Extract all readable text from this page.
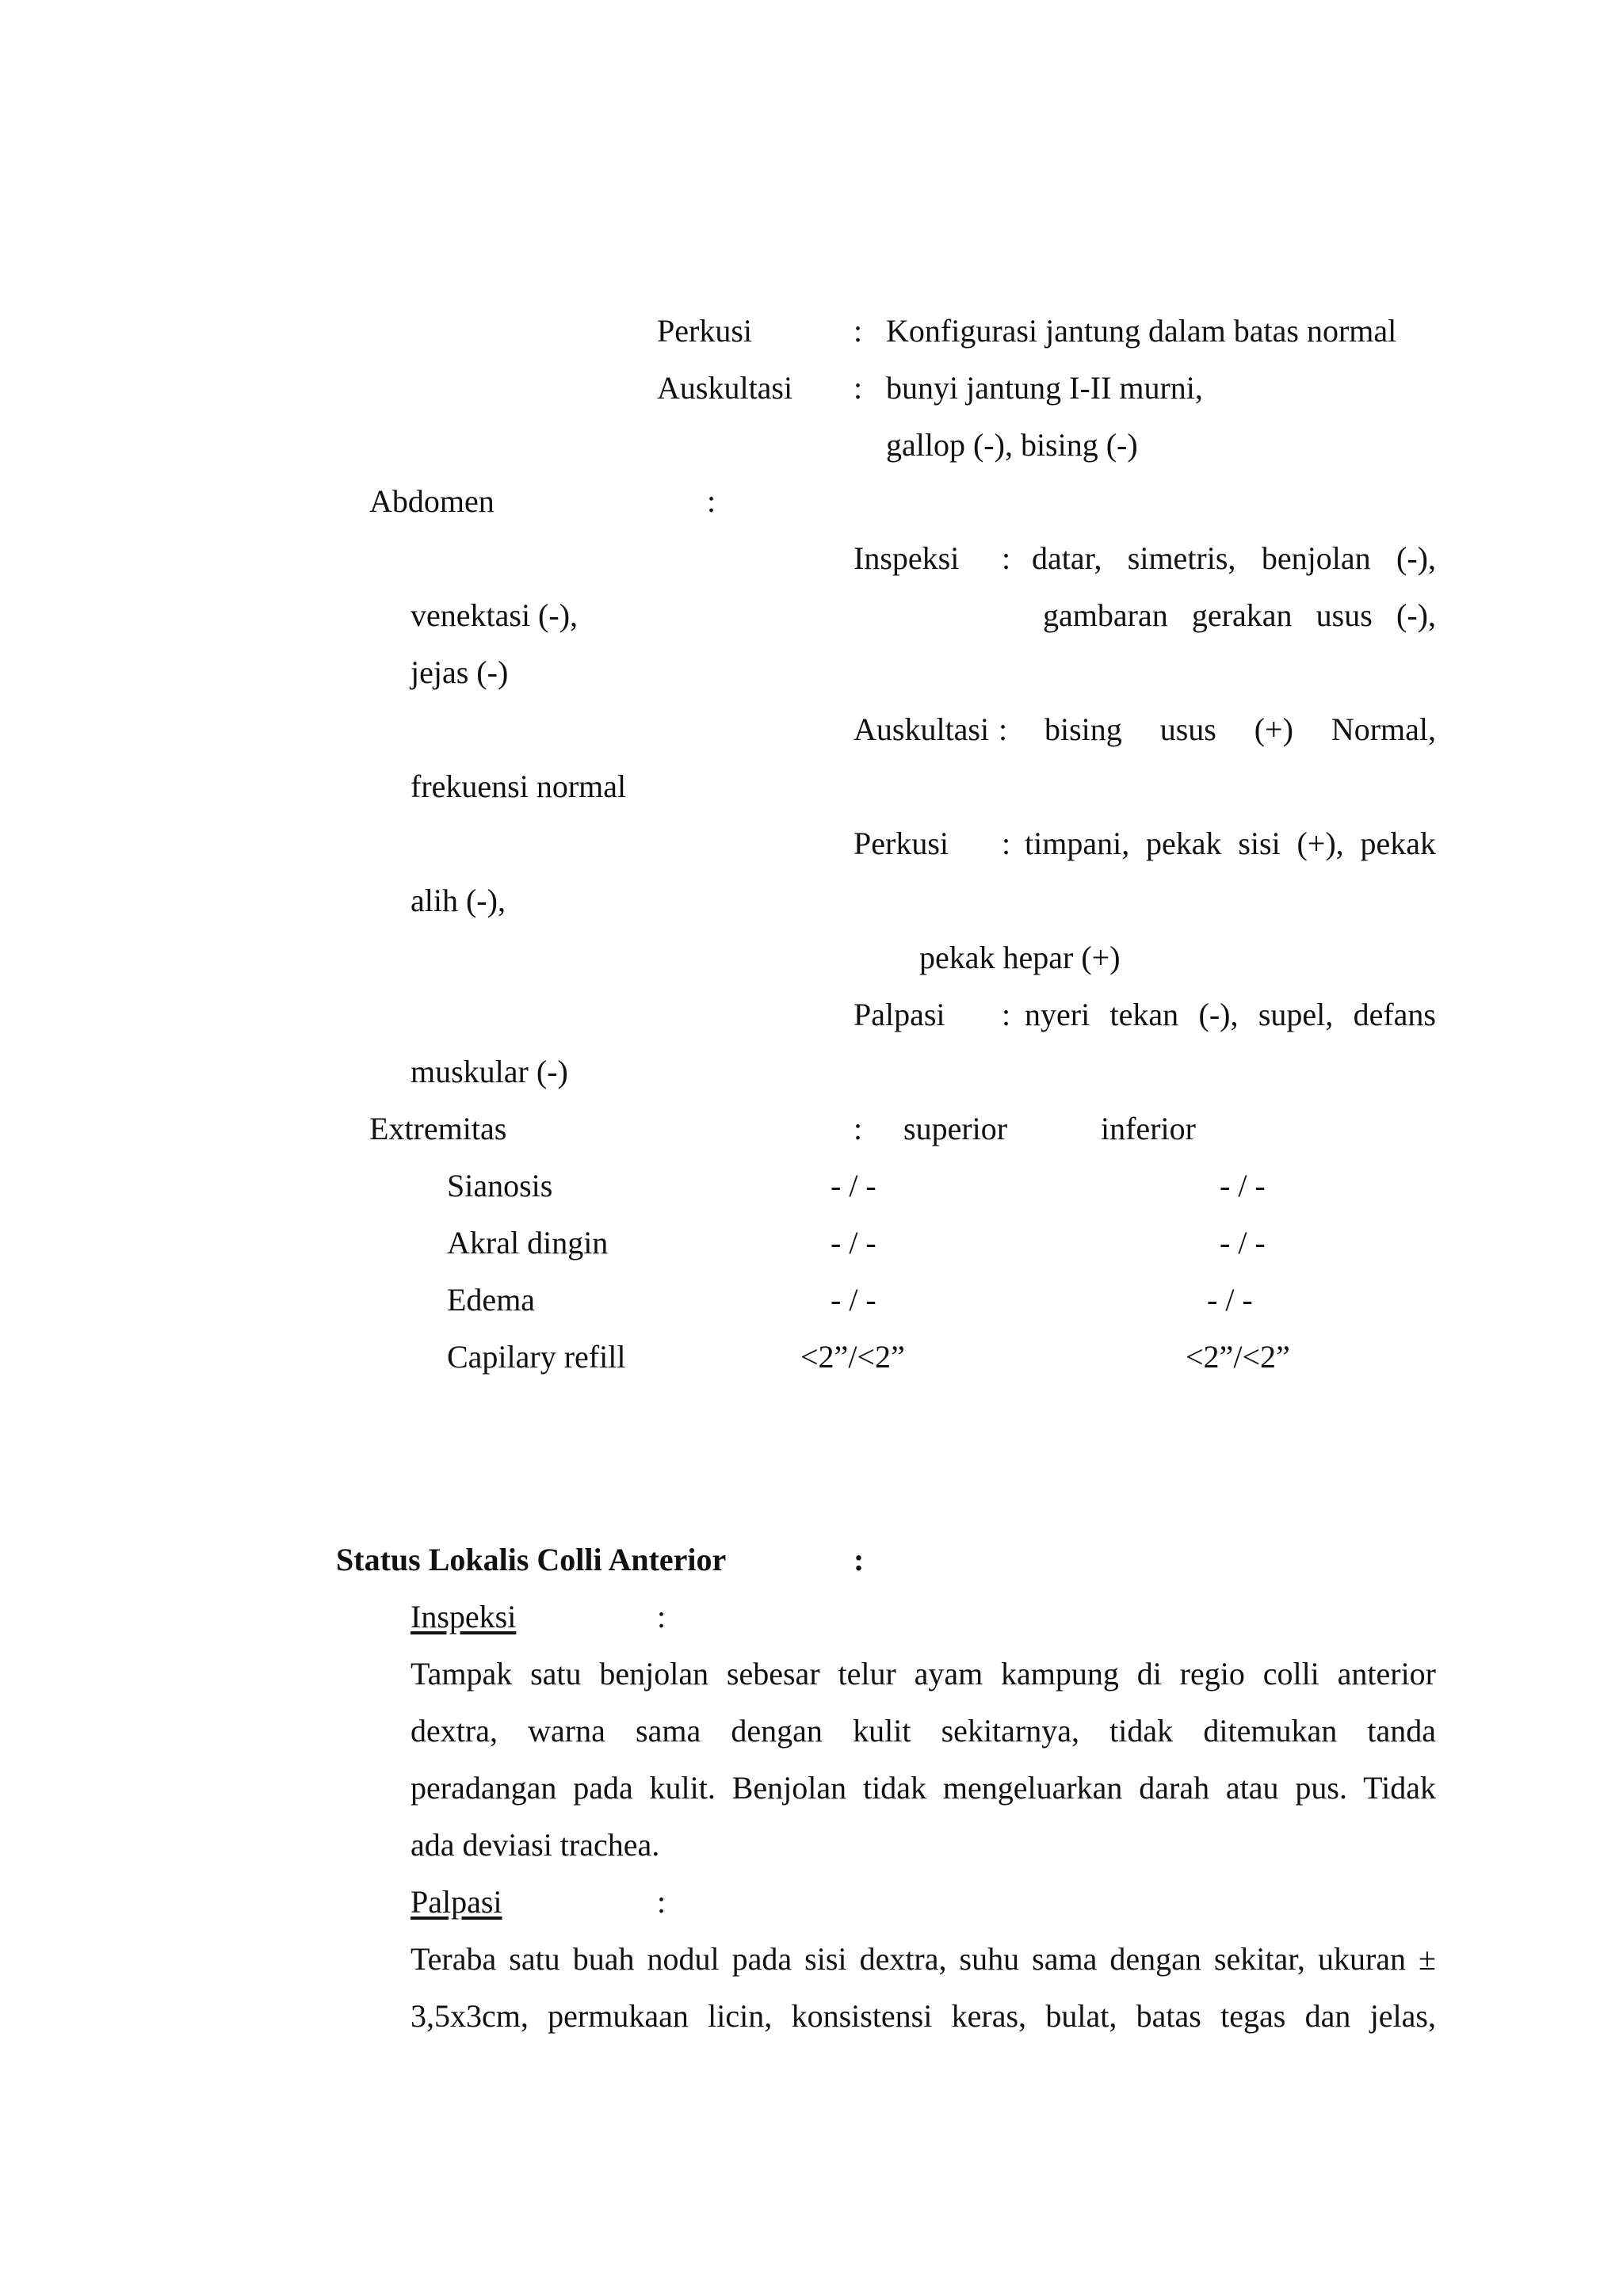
Perkusi	: Konfigurasi jantung dalam batas normal
Auskultasi : bunyi jantung I-II murni,
gallop (-), bising (-)
Abdomen	:
Inspeksi : datar, simetris, benjolan (-),
venektasi (-),	gambaran gerakan usus (-),
jejas (-)
Auskultasi : bising usus (+) Normal,
frekuensi normal
Perkusi : timpani, pekak sisi (+), pekak
alih (-),
pekak hepar (+)
Palpasi : nyeri tekan (-), supel, defans
muskular (-)
Extremitas	: superior	inferior
Sianosis	- / -	- / -
Akral dingin	- / -	- / -
Edema	- / -	- / -
Capilary refill	<2”/<2”	<2”/<2”
Status Lokalis Colli Anterior	:
Inspeksi	:
Tampak satu benjolan sebesar telur ayam kampung di regio colli anterior
dextra, warna sama dengan kulit sekitarnya, tidak ditemukan tanda
peradangan pada kulit. Benjolan tidak mengeluarkan darah atau pus. Tidak
ada deviasi trachea.
Palpasi	:
Teraba satu buah nodul pada sisi dextra, suhu sama dengan sekitar, ukuran ±
3,5x3cm, permukaan licin, konsistensi keras, bulat, batas tegas dan jelas,
